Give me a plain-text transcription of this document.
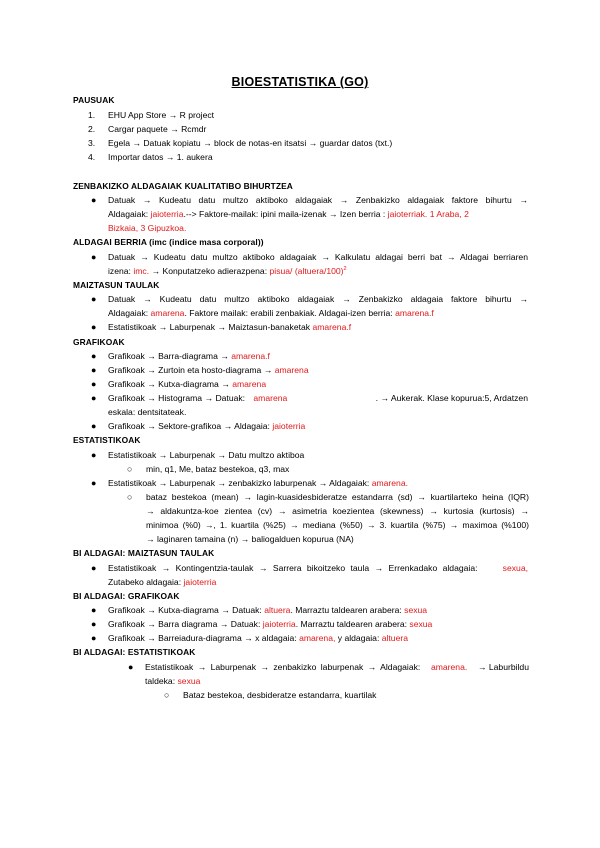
BIOESTATISTIKA (GO)
PAUSUAK
1. EHU App Store → R project
2. Cargar paquete → Rcmdr
3. Egela → Datuak kopiatu → block de notas-en itsatsi → guardar datos (txt.)
4. Importar datos → 1. aukera
ZENBAKIZKO ALDAGAIAK KUALITATIBO BIHURTZEA
● Datuak → Kudeatu datu multzo aktiboko aldagaiak → Zenbakizko aldagaiak faktore bihurtu →
Aldagaiak: jaioterria.--> Faktore-mailak: ipini maila-izenak → Izen berria : jaioterriak. 1 Araba, 2
Bizkaia, 3 Gipuzkoa.
ALDAGAI BERRIA (imc (indice masa corporal))
● Datuak → Kudeatu datu multzo aktiboko aldagaiak → Kalkulatu aldagai berri bat → Aldagai berriaren
izena: imc. → Konputatzeko adierazpena: pisua/ (altuera/100)$^2$
MAIZTASUN TAULAK
● Datuak → Kudeatu datu multzo aktiboko aldagaiak → Zenbakizko aldagaia faktore bihurtu →
Aldagaiak: amarena. Faktore mailak: erabili zenbakiak. Aldagai-izen berria: amarena.f
● Estatistikoak → Laburpenak → Maiztasun-banaketak amarena.f
GRAFIKOAK
● Grafikoak → Barra-diagrama → amarena.f
● Grafikoak → Zurtoin eta hosto-diagrama → amarena
● Grafikoak → Kutxa-diagrama → amarena
● Grafikoak → Histograma → Datuak: amarena	. → Aukerak. Klase kopurua:5, Ardatzen
eskala: dentsitateak.
● Grafikoak → Sektore-grafikoa → Aldagaia: jaioterria
ESTATISTIKOAK
● Estatistikoak → Laburpenak → Datu multzo aktiboa
○ min, q1, Me, bataz bestekoa, q3, max
● Estatistikoak → Laburpenak → zenbakizko laburpenak → Aldagaiak: amarena.
○ bataz bestekoa (mean) → lagin-kuasidesbideratze estandarra (sd) → kuartilarteko heina (IQR)
→ aldakuntza-koe zientea (cv) → asimetria koezientea (skewness) → kurtosia (kurtosis) →
minimoa (%0) →, 1. kuartila (%25) → mediana (%50) → 3. kuartila (%75) → maximoa (%100)
→ laginaren tamaina (n) → baliogalduen kopurua (NA)
BI ALDAGAI: MAIZTASUN TAULAK
● Estatistikoak → Kontingentzia-taulak → Sarrera bikoitzeko taula → Errenkadako aldagaia:	sexua,
Zutabeko aldagaia: jaioterria
BI ALDAGAI: GRAFIKOAK
● Grafikoak → Kutxa-diagrama → Datuak: altuera. Marraztu taldearen arabera: sexua
● Grafikoak → Barra diagrama → Datuak: jaioterria. Marraztu taldearen arabera: sexua
● Grafikoak → Barreiadura-diagrama → x aldagaia: amarena, y aldagaia: altuera
BI ALDAGAI: ESTATISTIKOAK
● Estatistikoak → Laburpenak → zenbakizko laburpenak → Aldagaiak: amarena. → Laburbildu
taldeka: sexua
○ Bataz bestekoa, desbideratze estandarra, kuartilak
